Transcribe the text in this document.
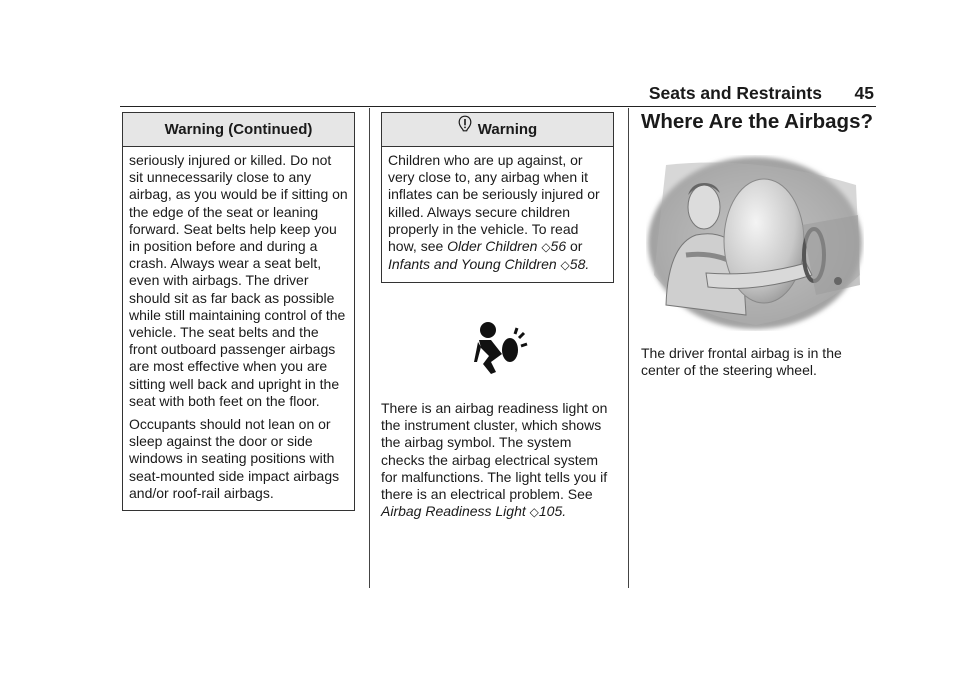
Seats and Restraints 45
Warning (Continued)

seriously injured or killed. Do not sit unnecessarily close to any airbag, as you would be if sitting on the edge of the seat or leaning forward. Seat belts help keep you in position before and during a crash. Always wear a seat belt, even with airbags. The driver should sit as far back as possible while still maintaining control of the vehicle. The seat belts and the front outboard passenger airbags are most effective when you are sitting well back and upright in the seat with both feet on the floor.

Occupants should not lean on or sleep against the door or side windows in seating positions with seat-mounted side impact airbags and/or roof-rail airbags.

Warning
Children who are up against, or very close to, any airbag when it inflates can be seriously injured or killed. Always secure children properly in the vehicle. To read how, see Older Children ◇56 or Infants and Young Children ◇58.
There is an airbag readiness light on the instrument cluster, which shows the airbag symbol. The system checks the airbag electrical system for malfunctions. The light tells you if there is an electrical problem. See Airbag Readiness Light ◇105.
Where Are the Airbags?
The driver frontal airbag is in the center of the steering wheel.
